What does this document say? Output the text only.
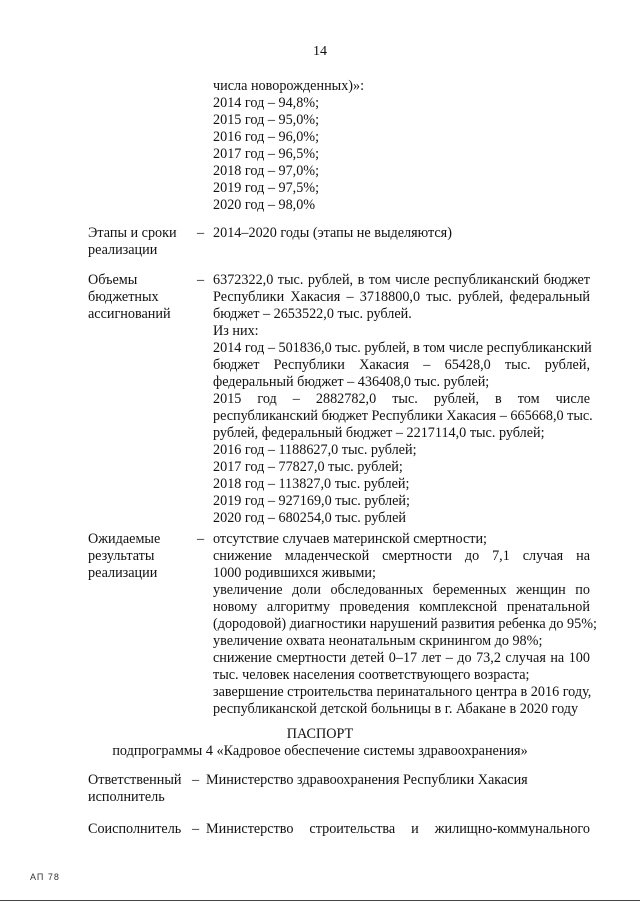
14
числа новорожденных)»:
2014 год – 94,8%;
2015 год – 95,0%;
2016 год – 96,0%;
2017 год – 96,5%;
2018 год – 97,0%;
2019 год – 97,5%;
2020 год – 98,0%
Этапы и сроки
реализации
– 2014–2020 годы (этапы не выделяются)
Объемы
бюджетных
ассигнований
– 6372322,0 тыс. рублей, в том числе республиканский бюджет
Республики Хакасия – 3718800,0 тыс. рублей, федеральный
бюджет – 2653522,0 тыс. рублей.
Из них:
2014 год – 501836,0 тыс. рублей, в том числе республиканский
бюджет Республики Хакасия – 65428,0 тыс. рублей,
федеральный бюджет – 436408,0 тыс. рублей;
2015 год – 2882782,0 тыс. рублей, в том числе
республиканский бюджет Республики Хакасия – 665668,0 тыс.
рублей, федеральный бюджет – 2217114,0 тыс. рублей;
2016 год – 1188627,0 тыс. рублей;
2017 год – 77827,0 тыс. рублей;
2018 год – 113827,0 тыс. рублей;
2019 год – 927169,0 тыс. рублей;
2020 год – 680254,0 тыс. рублей
Ожидаемые
результаты
реализации
– отсутствие случаев материнской смертности;
снижение младенческой смертности до 7,1 случая на
1000 родившихся живыми;
увеличение доли обследованных беременных женщин по
новому алгоритму проведения комплексной пренатальной
(дородовой) диагностики нарушений развития ребенка до 95%;
увеличение охвата неонатальным скринингом до 98%;
снижение смертности детей 0–17 лет – до 73,2 случая на 100
тыс. человек населения соответствующего возраста;
завершение строительства перинатального центра в 2016 году,
республиканской детской больницы в г. Абакане в 2020 году
ПАСПОРТ
подпрограммы 4 «Кадровое обеспечение системы здравоохранения»
Ответственный
исполнитель
– Министерство здравоохранения Республики Хакасия
Соисполнитель – Министерство строительства и жилищно-коммунального
АП 78
